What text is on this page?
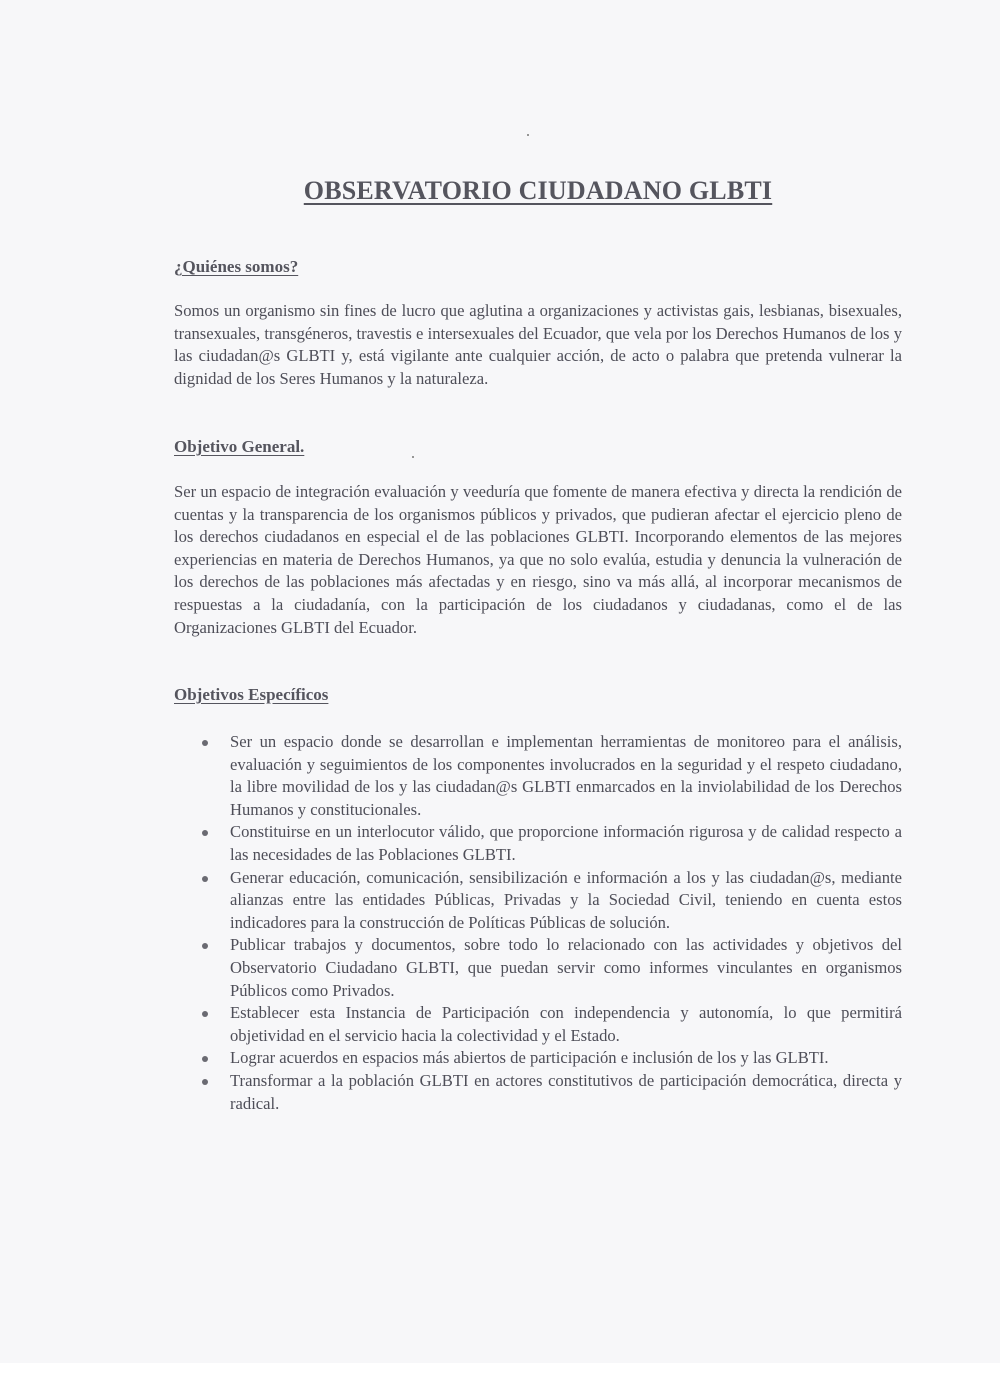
OBSERVATORIO CIUDADANO GLBTI
¿Quiénes somos?

Somos un organismo sin fines de lucro que aglutina a organizaciones y activistas gais, lesbianas, bisexuales, transexuales, transgéneros, travestis e intersexuales del Ecuador, que vela por los Derechos Humanos de los y las ciudadan@s GLBTI y, está vigilante ante cualquier acción, de acto o palabra que pretenda vulnerar la dignidad de los Seres Humanos y la naturaleza.

Objetivo General.

Ser un espacio de integración evaluación y veeduría que fomente de manera efectiva y directa la rendición de cuentas y la transparencia de los organismos públicos y privados, que pudieran afectar el ejercicio pleno de los derechos ciudadanos en especial el de las poblaciones GLBTI. Incorporando elementos de las mejores experiencias en materia de Derechos Humanos, ya que no solo evalúa, estudia y denuncia la vulneración de los derechos de las poblaciones más afectadas y en riesgo, sino va más allá, al incorporar mecanismos de respuestas a la ciudadanía, con la participación de los ciudadanos y ciudadanas, como el de las Organizaciones GLBTI del Ecuador.

Objetivos Específicos
Ser un espacio donde se desarrollan e implementan herramientas de monitoreo para el análisis, evaluación y seguimientos de los componentes involucrados en la seguridad y el respeto ciudadano, la libre movilidad de los y las ciudadan@s GLBTI enmarcados en la inviolabilidad de los Derechos Humanos y constitucionales.
Constituirse en un interlocutor válido, que proporcione información rigurosa y de calidad respecto a las necesidades de las Poblaciones GLBTI.
Generar educación, comunicación, sensibilización e información a los y las ciudadan@s, mediante alianzas entre las entidades Públicas, Privadas y la Sociedad Civil, teniendo en cuenta estos indicadores para la construcción de Políticas Públicas de solución.
Publicar trabajos y documentos, sobre todo lo relacionado con las actividades y objetivos del Observatorio Ciudadano GLBTI, que puedan servir como informes vinculantes en organismos Públicos como Privados.
Establecer esta Instancia de Participación con independencia y autonomía, lo que permitirá objetividad en el servicio hacia la colectividad y el Estado.
Lograr acuerdos en espacios más abiertos de participación e inclusión de los y las GLBTI.
Transformar a la población GLBTI en actores constitutivos de participación democrática, directa y radical.
